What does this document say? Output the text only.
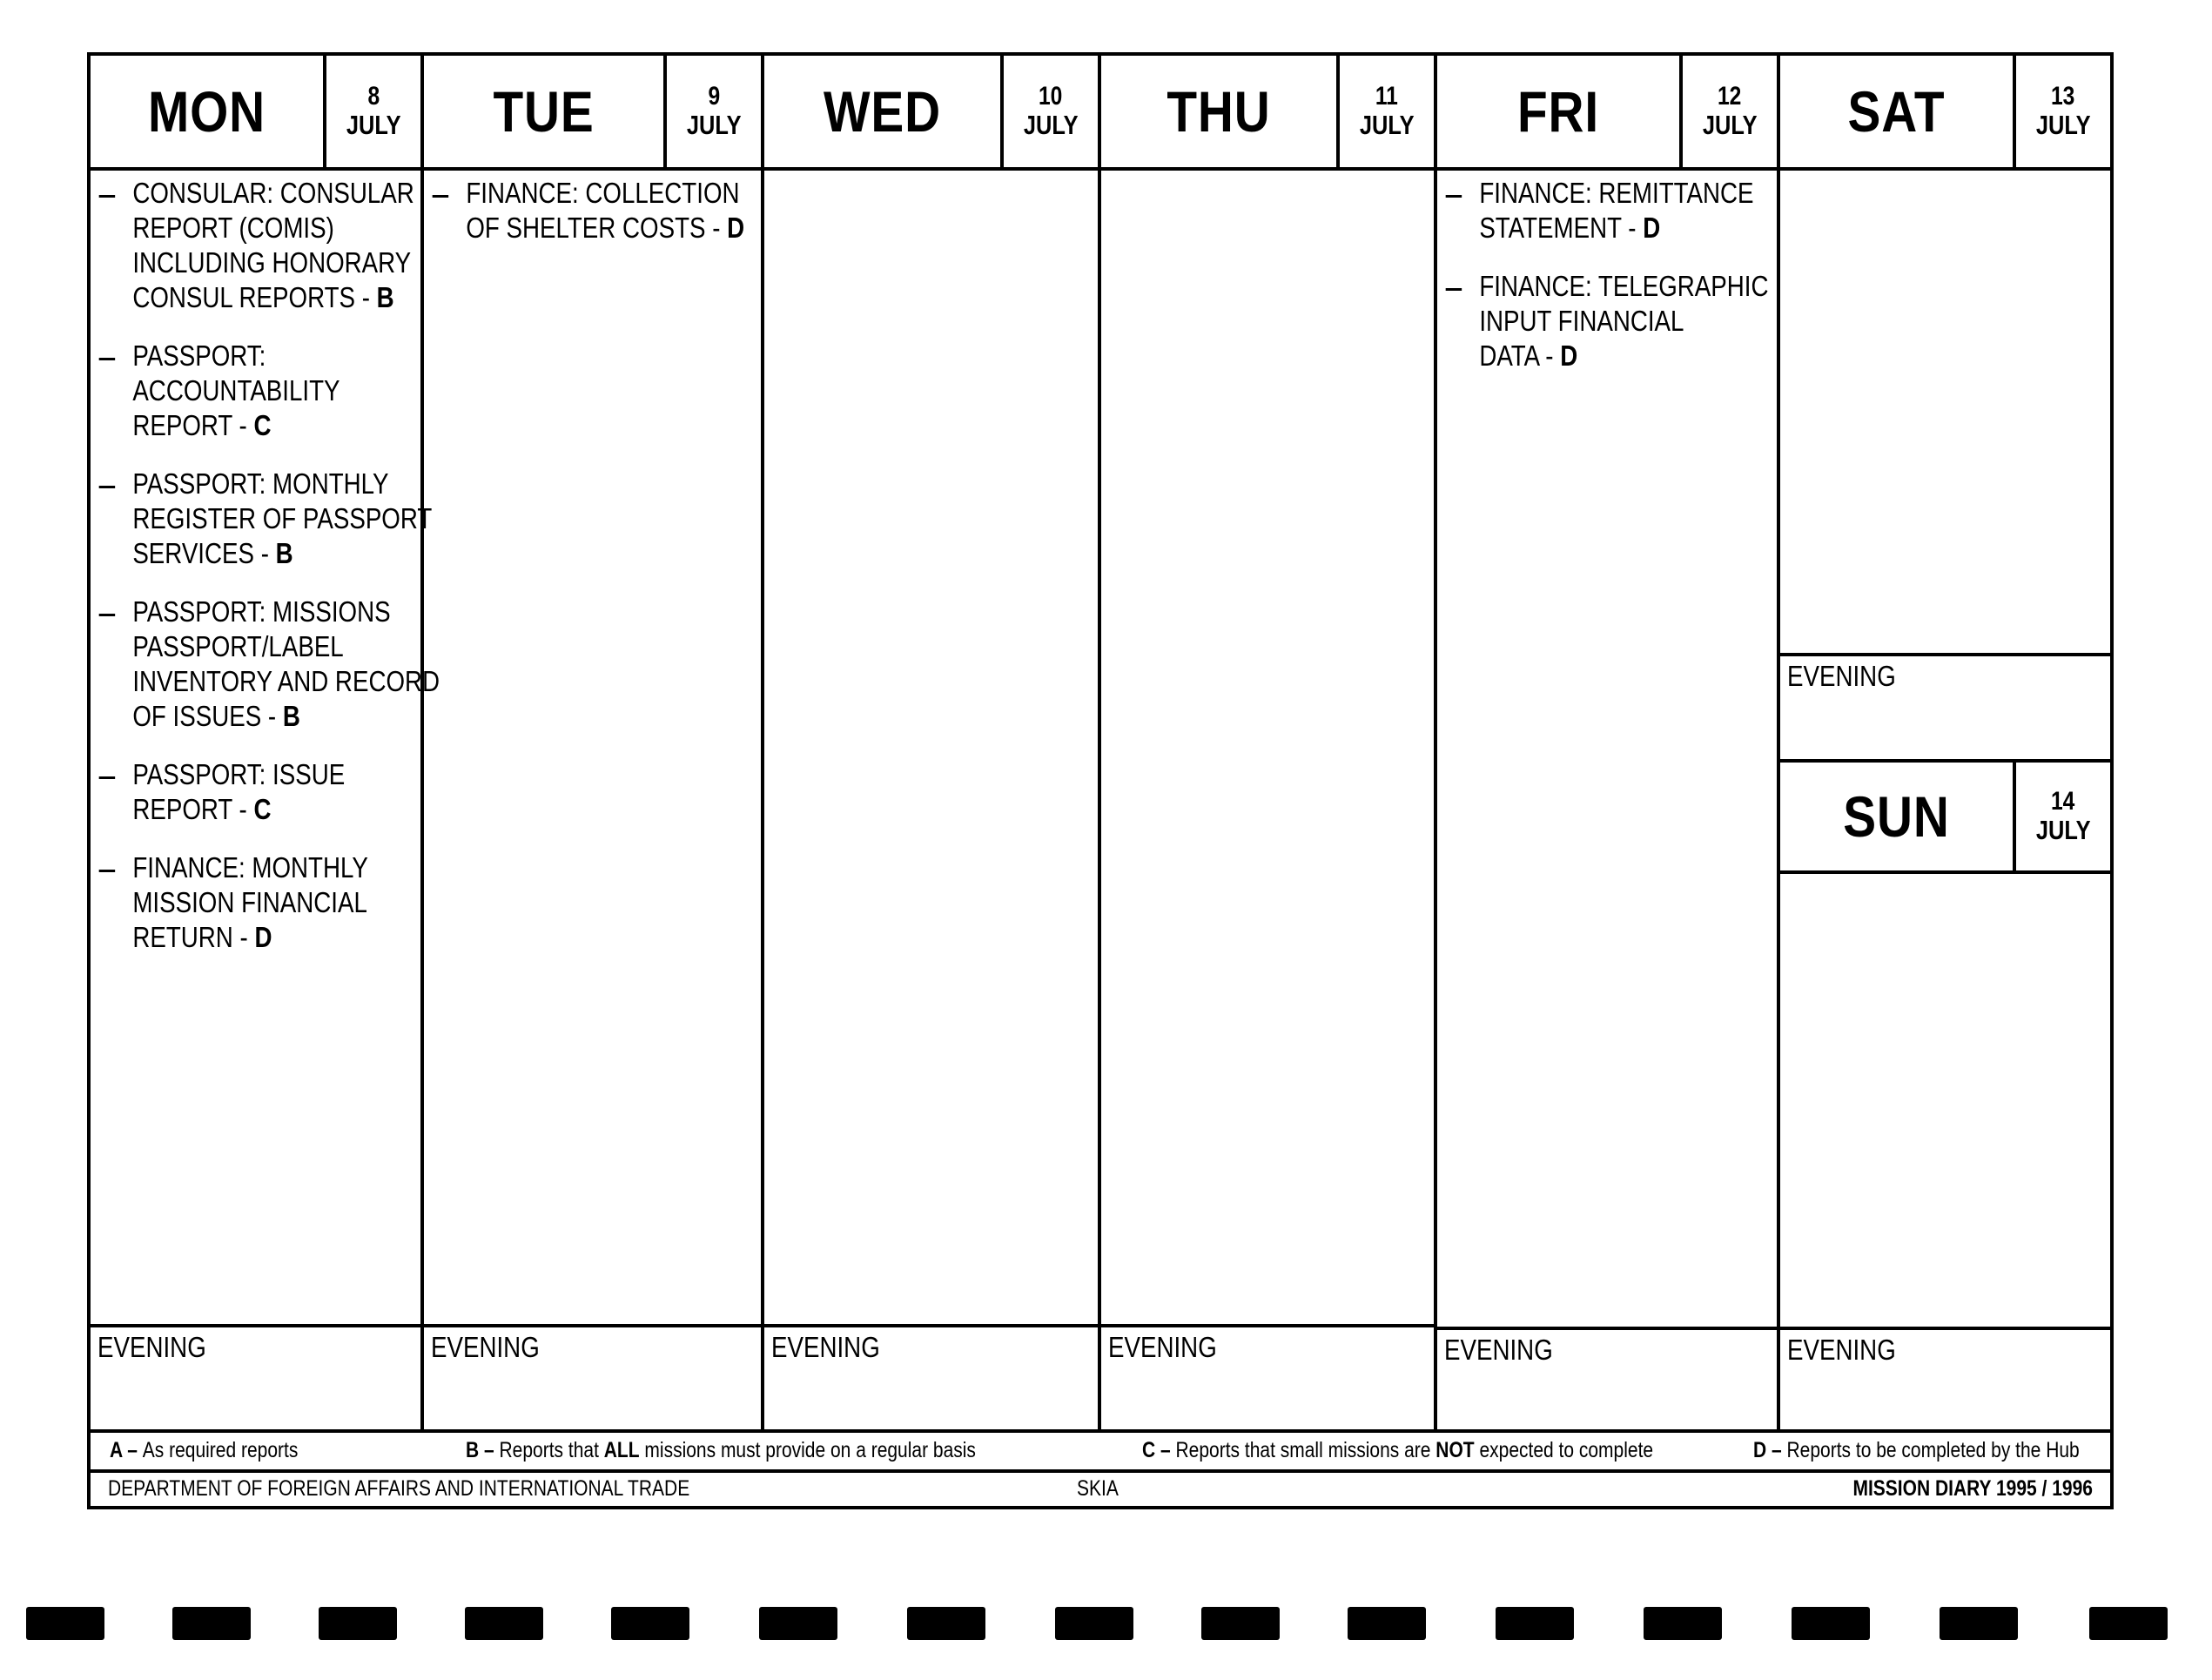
MON	8
JULY
CONSULAR: CONSULAR
REPORT (COMIS)
INCLUDING HONORARY
CONSUL REPORTS - B
PASSPORT:
ACCOUNTABILITY
REPORT - C
PASSPORT: MONTHLY
REGISTER OF PASSPORT
SERVICES - B
PASSPORT: MISSIONS
PASSPORT/LABEL
INVENTORY AND RECORD
OF ISSUES - B
PASSPORT: ISSUE
REPORT - C
FINANCE: MONTHLY
MISSION FINANCIAL
RETURN - D
EVENING
TUE	9
JULY
FINANCE: COLLECTION
OF SHELTER COSTS - D
EVENING
WED	10
JULY
EVENING
THU	11
JULY
EVENING
FRI	12
JULY
FINANCE: REMITTANCE
STATEMENT - D
FINANCE: TELEGRAPHIC
INPUT FINANCIAL
DATA - D
EVENING
SAT	13
JULY
EVENING
SUN	14
JULY
EVENING
A – As required reports	B – Reports that ALL missions must provide on a regular basis	C – Reports that small missions are NOT expected to complete	D – Reports to be completed by the Hub
DEPARTMENT OF FOREIGN AFFAIRS AND INTERNATIONAL TRADE	SKIA	MISSION DIARY 1995 / 1996
